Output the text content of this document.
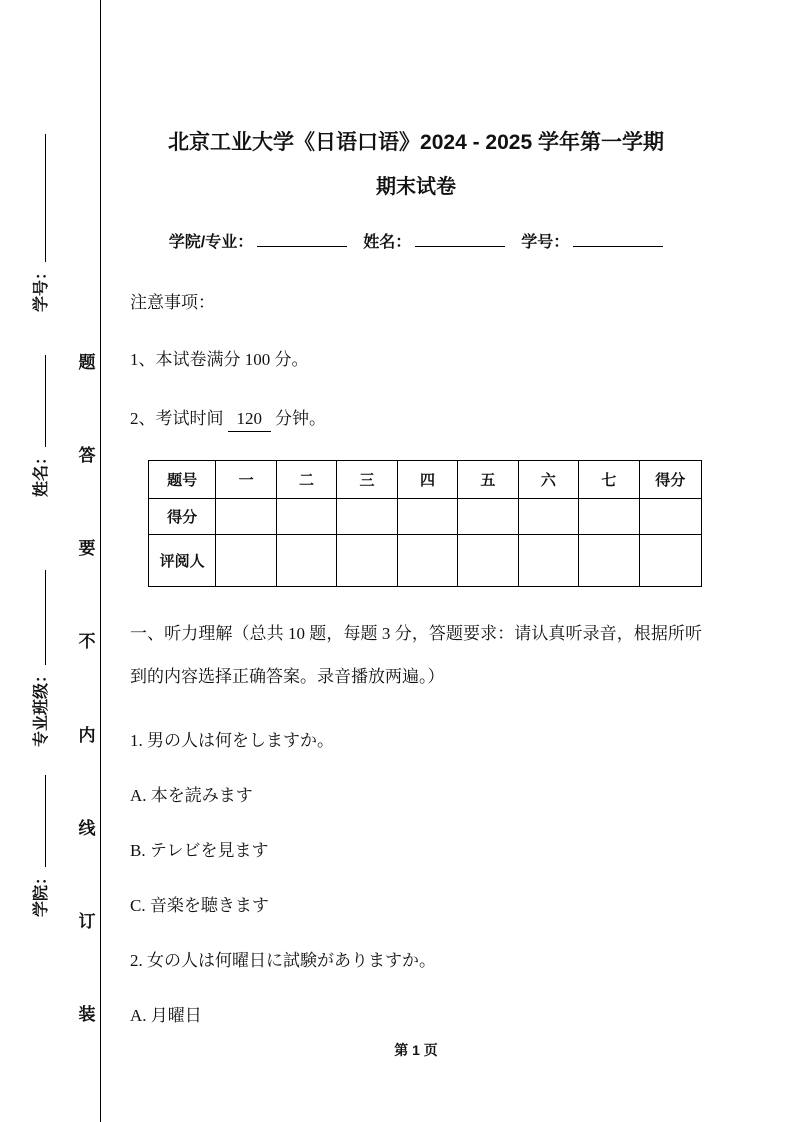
学号：
姓名：
专业班级：
学院：
题
答
要
不
内
线
订
装
北京工业大学《日语口语》2024 - 2025 学年第一学期
期末试卷
学院/专业：	姓名：	学号：

注意事项：

1、本试卷满分 100 分。

2、考试时间 120 分钟。

题号	一	二	三	四	五	六	七	得分
得分								
评阅人								

一、听力理解（总共 10 题，每题 3 分，答题要求：请认真听录音，根据所听到的内容选择正确答案。录音播放两遍。）

1. 男の人は何をしますか。

A. 本を読みます

B. テレビを見ます

C. 音楽を聴きます

2. 女の人は何曜日に試験がありますか。

A. 月曜日

第 1 页
